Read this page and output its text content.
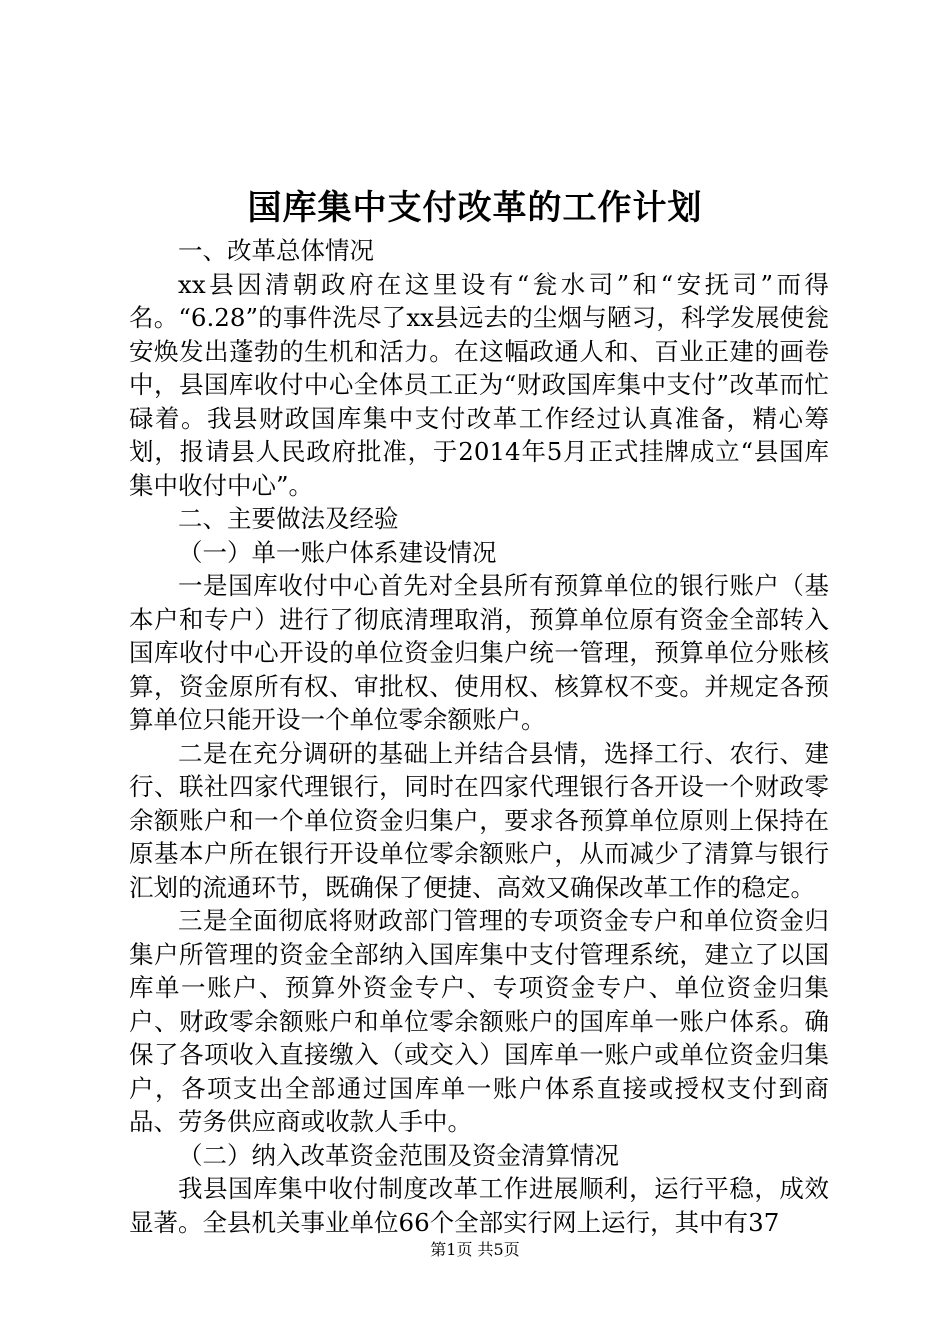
国库集中支付改革的工作计划

一、改革总体情况

xx县因清朝政府在这里设有“瓮水司”和“安抚司”而得名。“6.28”的事件洗尽了xx县远去的尘烟与陋习，科学发展使瓮安焕发出蓬勃的生机和活力。在这幅政通人和、百业正建的画卷中，县国库收付中心全体员工正为“财政国库集中支付”改革而忙碌着。我县财政国库集中支付改革工作经过认真准备，精心筹划，报请县人民政府批准，于2014年5月正式挂牌成立“县国库集中收付中心”。

二、主要做法及经验

（一）单一账户体系建设情况

一是国库收付中心首先对全县所有预算单位的银行账户（基本户和专户）进行了彻底清理取消，预算单位原有资金全部转入国库收付中心开设的单位资金归集户统一管理，预算单位分账核算，资金原所有权、审批权、使用权、核算权不变。并规定各预算单位只能开设一个单位零余额账户。

二是在充分调研的基础上并结合县情，选择工行、农行、建行、联社四家代理银行，同时在四家代理银行各开设一个财政零余额账户和一个单位资金归集户，要求各预算单位原则上保持在原基本户所在银行开设单位零余额账户，从而减少了清算与银行汇划的流通环节，既确保了便捷、高效又确保改革工作的稳定。

三是全面彻底将财政部门管理的专项资金专户和单位资金归集户所管理的资金全部纳入国库集中支付管理系统，建立了以国库单一账户、预算外资金专户、专项资金专户、单位资金归集户、财政零余额账户和单位零余额账户的国库单一账户体系。确保了各项收入直接缴入（或交入）国库单一账户或单位资金归集户，各项支出全部通过国库单一账户体系直接或授权支付到商品、劳务供应商或收款人手中。

（二）纳入改革资金范围及资金清算情况

我县国库集中收付制度改革工作进展顺利，运行平稳，成效显著。全县机关事业单位66个全部实行网上运行，其中有37

第1页 共5页
